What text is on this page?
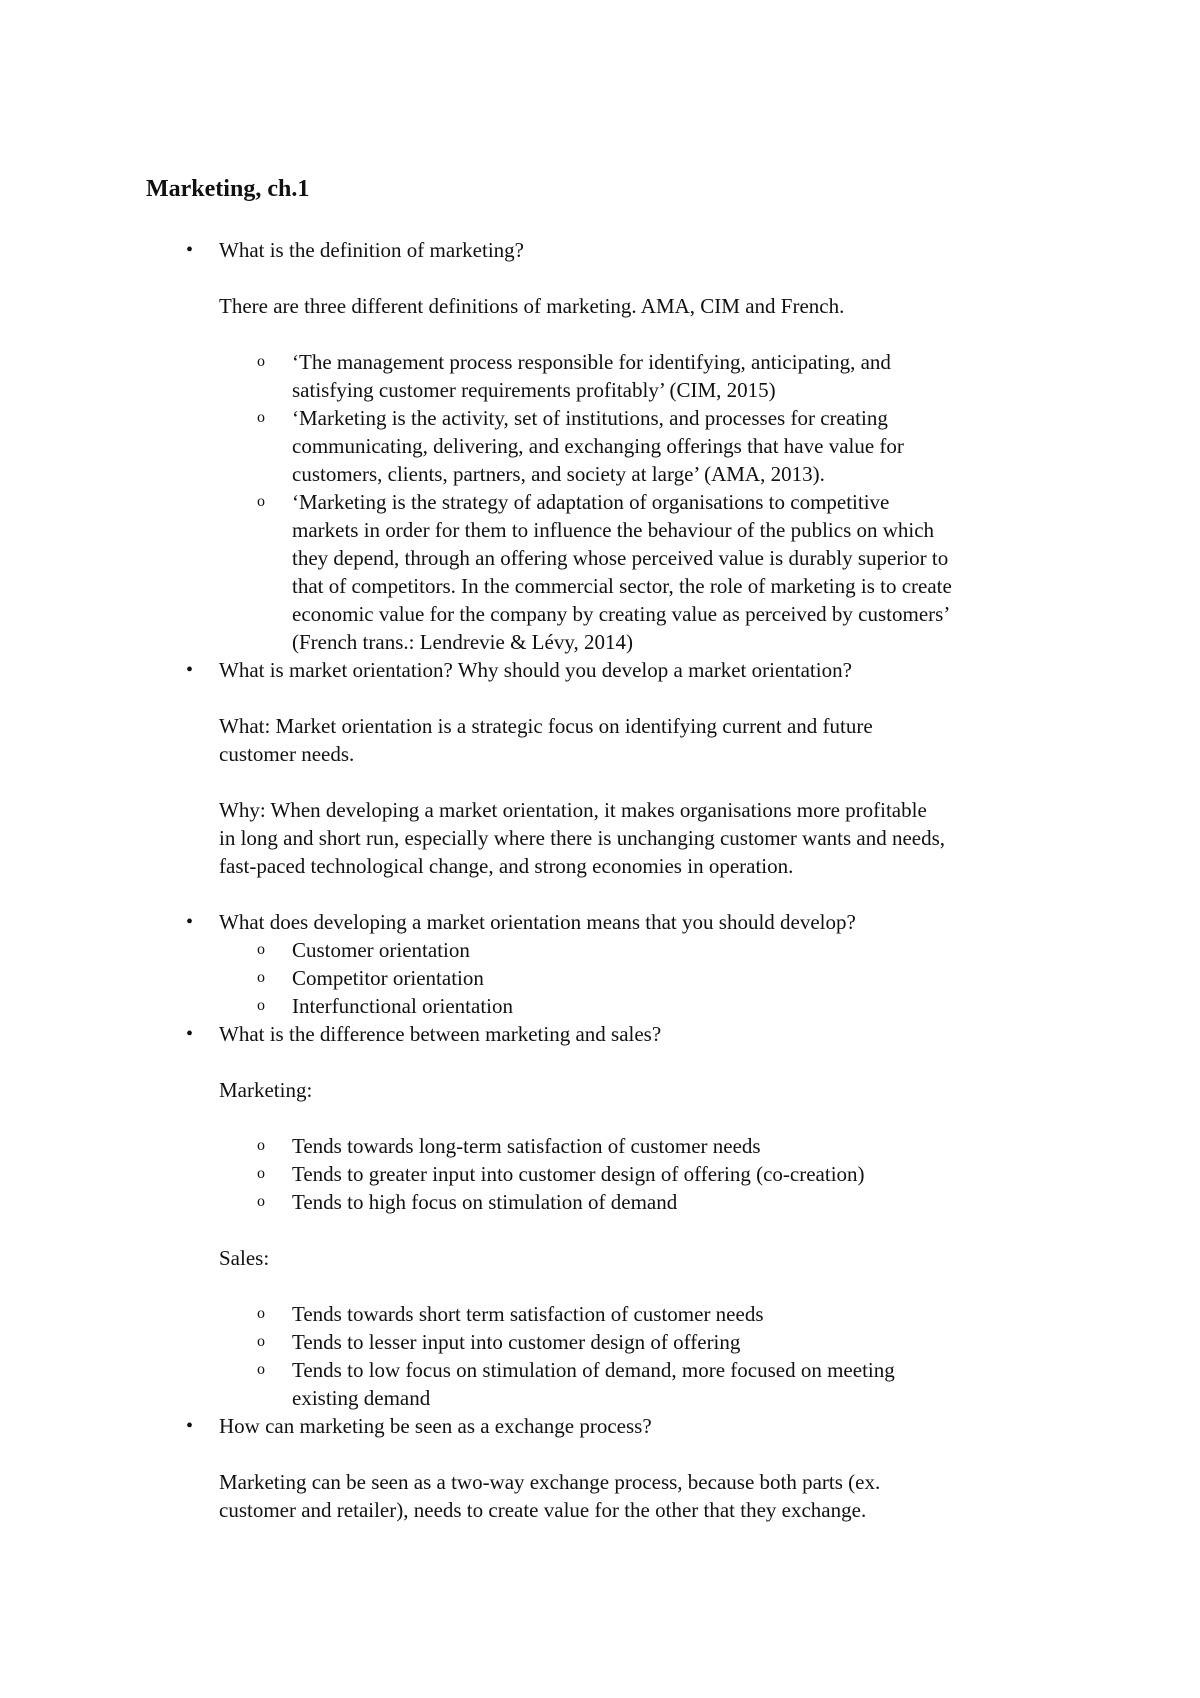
Marketing, ch.1
• What is the definition of marketing?
There are three different definitions of marketing. AMA, CIM and French.
o ‘The management process responsible for identifying, anticipating, and
satisfying customer requirements profitably’ (CIM, 2015)
o ‘Marketing is the activity, set of institutions, and processes for creating
communicating, delivering, and exchanging offerings that have value for
customers, clients, partners, and society at large’ (AMA, 2013).
o ‘Marketing is the strategy of adaptation of organisations to competitive
markets in order for them to influence the behaviour of the publics on which
they depend, through an offering whose perceived value is durably superior to
that of competitors. In the commercial sector, the role of marketing is to create
economic value for the company by creating value as perceived by customers’
(French trans.: Lendrevie & Lévy, 2014)
• What is market orientation? Why should you develop a market orientation?
What: Market orientation is a strategic focus on identifying current and future
customer needs.
Why: When developing a market orientation, it makes organisations more profitable
in long and short run, especially where there is unchanging customer wants and needs,
fast-paced technological change, and strong economies in operation.
• What does developing a market orientation means that you should develop?
o Customer orientation
o Competitor orientation
o Interfunctional orientation
• What is the difference between marketing and sales?
Marketing:
o Tends towards long-term satisfaction of customer needs
o Tends to greater input into customer design of offering (co-creation)
o Tends to high focus on stimulation of demand
Sales:
o Tends towards short term satisfaction of customer needs
o Tends to lesser input into customer design of offering
o Tends to low focus on stimulation of demand, more focused on meeting
existing demand
• How can marketing be seen as a exchange process?
Marketing can be seen as a two-way exchange process, because both parts (ex.
customer and retailer), needs to create value for the other that they exchange.
